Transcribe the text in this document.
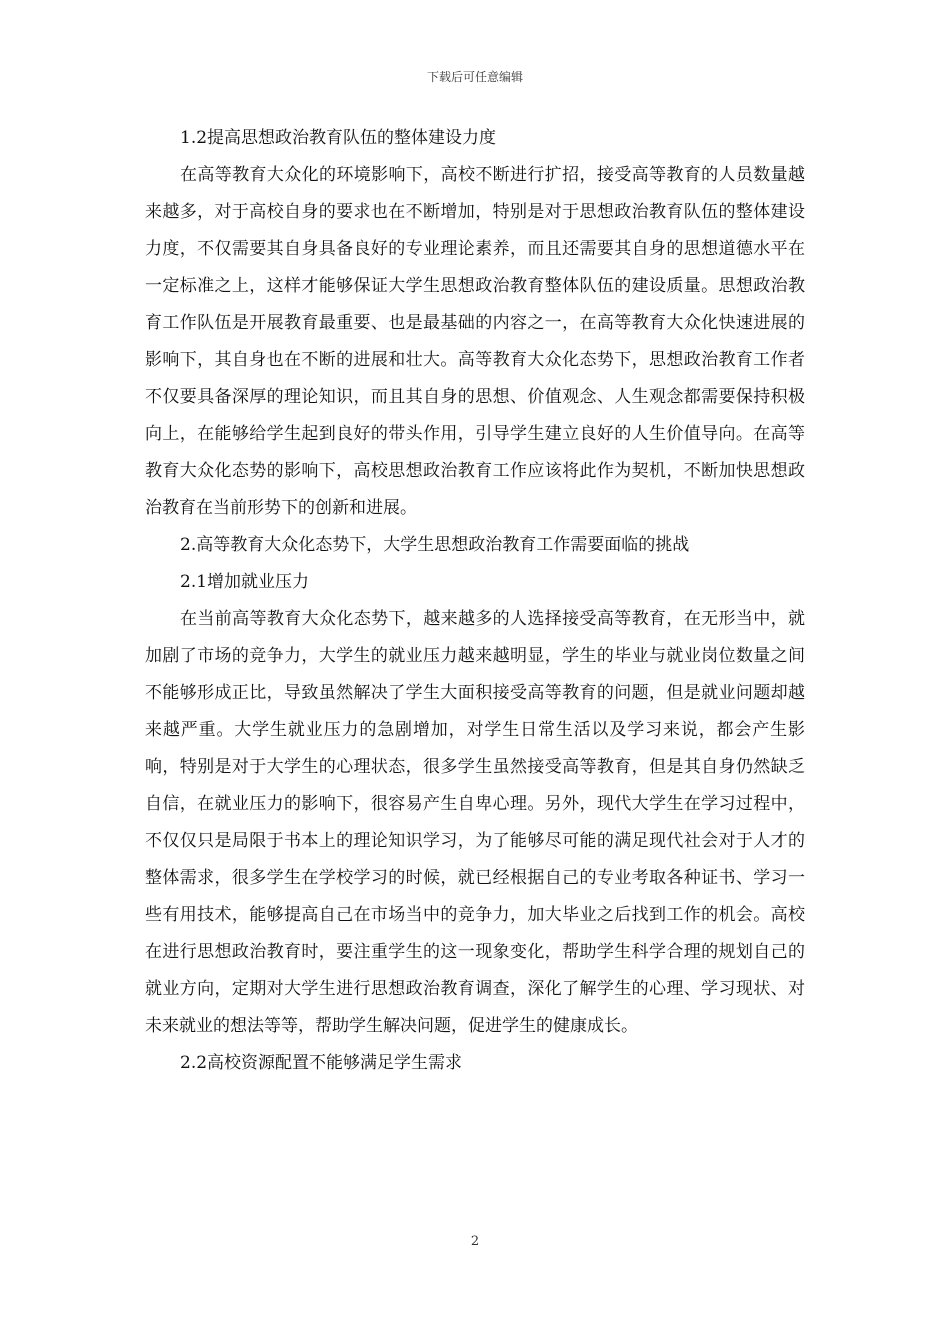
下载后可任意编辑

1.2提高思想政治教育队伍的整体建设力度

在高等教育大众化的环境影响下，高校不断进行扩招，接受高等教育的人员数量越来越多，对于高校自身的要求也在不断增加，特别是对于思想政治教育队伍的整体建设力度，不仅需要其自身具备良好的专业理论素养，而且还需要其自身的思想道德水平在一定标准之上，这样才能够保证大学生思想政治教育整体队伍的建设质量。思想政治教育工作队伍是开展教育最重要、也是最基础的内容之一，在高等教育大众化快速进展的影响下，其自身也在不断的进展和壮大。高等教育大众化态势下，思想政治教育工作者不仅要具备深厚的理论知识，而且其自身的思想、价值观念、人生观念都需要保持积极向上，在能够给学生起到良好的带头作用，引导学生建立良好的人生价值导向。在高等教育大众化态势的影响下，高校思想政治教育工作应该将此作为契机，不断加快思想政治教育在当前形势下的创新和进展。

2.高等教育大众化态势下，大学生思想政治教育工作需要面临的挑战

2.1增加就业压力

在当前高等教育大众化态势下，越来越多的人选择接受高等教育，在无形当中，就加剧了市场的竞争力，大学生的就业压力越来越明显，学生的毕业与就业岗位数量之间不能够形成正比，导致虽然解决了学生大面积接受高等教育的问题，但是就业问题却越来越严重。大学生就业压力的急剧增加，对学生日常生活以及学习来说，都会产生影响，特别是对于大学生的心理状态，很多学生虽然接受高等教育，但是其自身仍然缺乏自信，在就业压力的影响下，很容易产生自卑心理。另外，现代大学生在学习过程中，不仅仅只是局限于书本上的理论知识学习，为了能够尽可能的满足现代社会对于人才的整体需求，很多学生在学校学习的时候，就已经根据自己的专业考取各种证书、学习一些有用技术，能够提高自己在市场当中的竞争力，加大毕业之后找到工作的机会。高校在进行思想政治教育时，要注重学生的这一现象变化，帮助学生科学合理的规划自己的就业方向，定期对大学生进行思想政治教育调查，深化了解学生的心理、学习现状、对未来就业的想法等等，帮助学生解决问题，促进学生的健康成长。

2.2高校资源配置不能够满足学生需求

2
